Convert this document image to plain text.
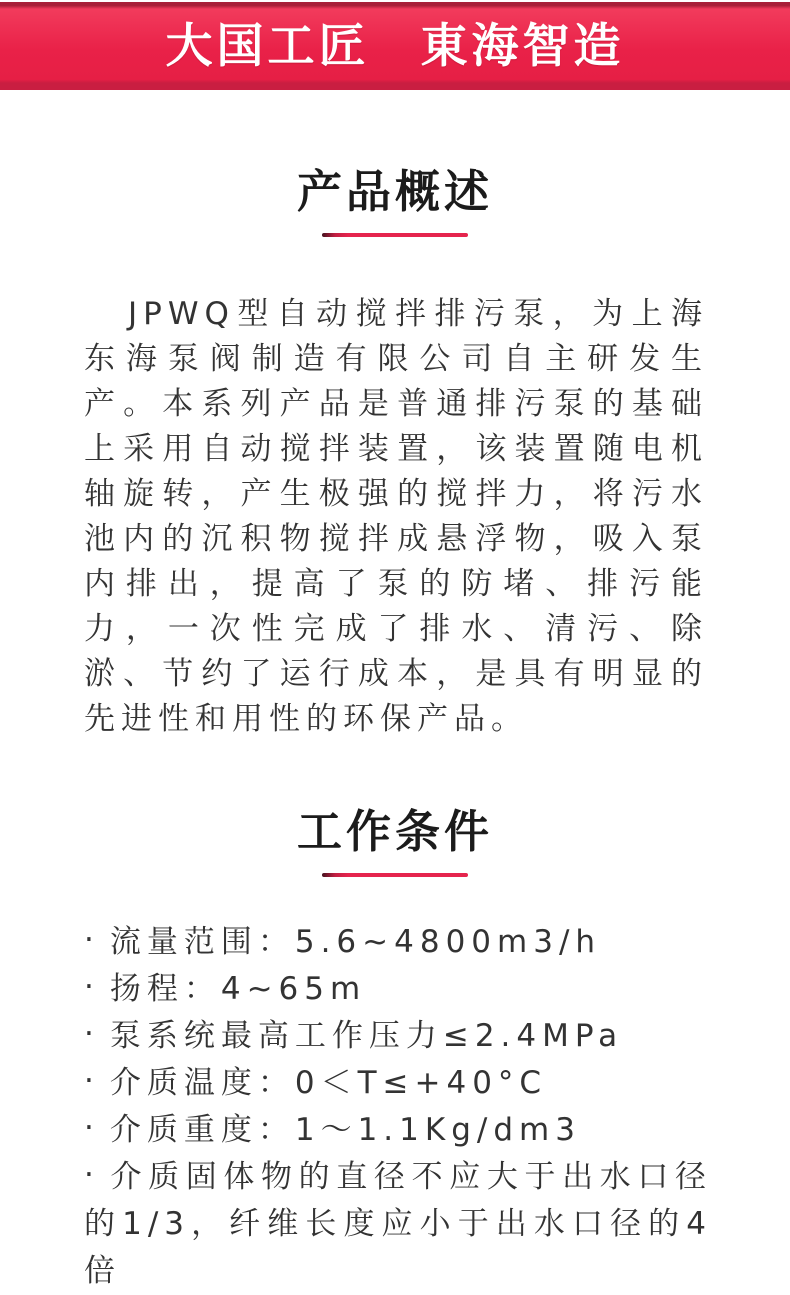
大国工匠　東海智造
产品概述

JPWQ型自动搅拌排污泵，为上海东海泵阀制造有限公司自主研发生产。本系列产品是普通排污泵的基础上采用自动搅拌装置，该装置随电机轴旋转，产生极强的搅拌力，将污水池内的沉积物搅拌成悬浮物，吸入泵内排出，提高了泵的防堵、排污能力，一次性完成了排水、清污、除淤、节约了运行成本，是具有明显的先进性和用性的环保产品。

工作条件
· 流量范围：5.6~4800m3/h
· 扬程：4~65m
· 泵系统最高工作压力≤2.4MPa
· 介质温度：0＜T≤+40°C
· 介质重度：1～1.1Kg/dm3
· 介质固体物的直径不应大于出水口径的1/3，纤维长度应小于出水口径的4倍
